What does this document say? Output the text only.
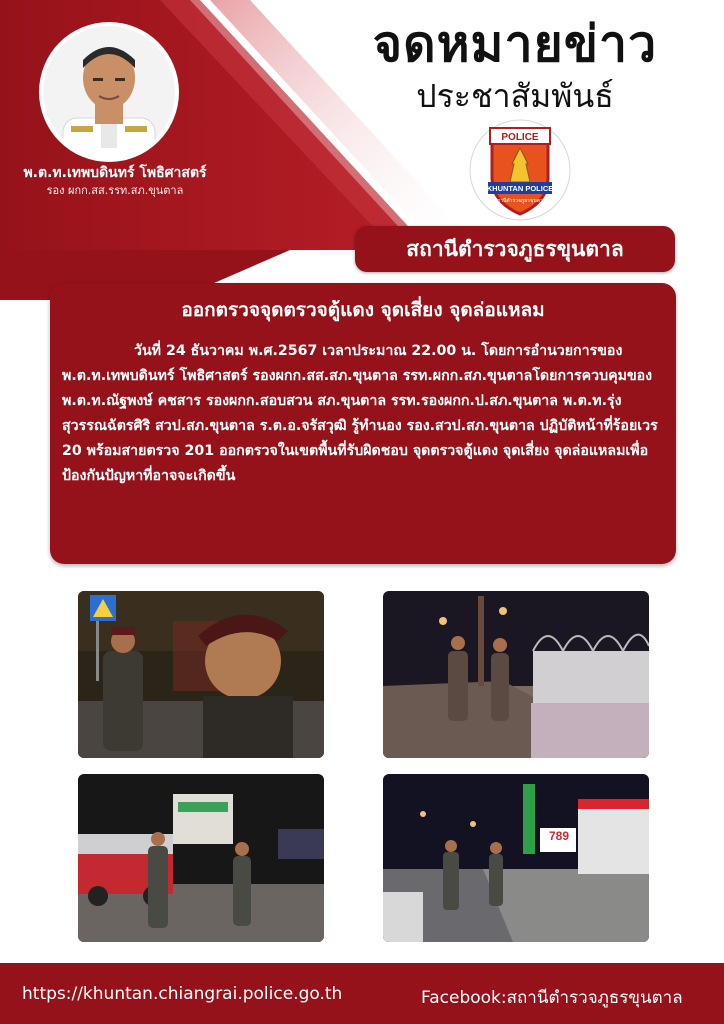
พ.ต.ท.เทพบดินทร์ โพธิศาสตร์
รอง ผกก.สส.รรท.สภ.ขุนตาล
จดหมายข่าว
ประชาสัมพันธ์
POLICE
KHUNTAN POLICE
สถานีตำรวจภูธรขุนตาล
สถานีตำรวจภูธรขุนตาล
ออกตรวจจุดตรวจตู้แดง จุดเสี่ยง จุดล่อแหลม
วันที่ 24 ธันวาคม พ.ศ.2567 เวลาประมาณ 22.00 น. โดยการอำนวยการของพ.ต.ท.เทพบดินทร์ โพธิศาสตร์ รองผกก.สส.สภ.ขุนตาล รรท.ผกก.สภ.ขุนตาลโดยการควบคุมของพ.ต.ท.ณัฐพงษ์ คชสาร รองผกก.สอบสวน สภ.ขุนตาล รรท.รองผกก.ป.สภ.ขุนตาล พ.ต.ท.รุ่ง สุวรรณฉัตรศิริ สวป.สภ.ขุนตาล ร.ต.อ.จรัสวุฒิ รู้ทำนอง รอง.สวป.สภ.ขุนตาล ปฏิบัติหน้าที่ร้อยเวร 20 พร้อมสายตรวจ 201 ออกตรวจในเขตพื้นที่รับผิดชอบ จุดตรวจตู้แดง จุดเสี่ยง จุดล่อแหลมเพื่อป้องกันปัญหาที่อาจจะเกิดขึ้น
789
https://khuntan.chiangrai.police.go.th	Facebook:สถานีตำรวจภูธรขุนตาล
